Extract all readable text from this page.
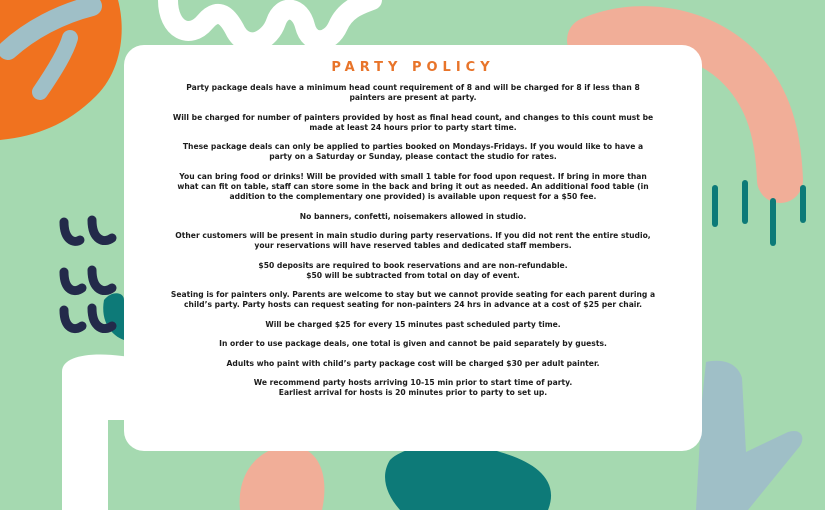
PARTY POLICY
Party package deals have a minimum head count requirement of 8 and will be charged for 8 if less than 8
painters are present at party.
Will be charged for number of painters provided by host as final head count, and changes to this count must be
made at least 24 hours prior to party start time.
These package deals can only be applied to parties booked on Mondays-Fridays. If you would like to have a
party on a Saturday or Sunday, please contact the studio for rates.
You can bring food or drinks! Will be provided with small 1 table for food upon request. If bring in more than
what can fit on table, staff can store some in the back and bring it out as needed. An additional food table (in
addition to the complementary one provided) is available upon request for a $50 fee.
No banners, confetti, noisemakers allowed in studio.
Other customers will be present in main studio during party reservations. If you did not rent the entire studio,
your reservations will have reserved tables and dedicated staff members.
$50 deposits are required to book reservations and are non-refundable.
$50 will be subtracted from total on day of event.
Seating is for painters only. Parents are welcome to stay but we cannot provide seating for each parent during a
child’s party. Party hosts can request seating for non-painters 24 hrs in advance at a cost of $25 per chair.
Will be charged $25 for every 15 minutes past scheduled party time.
In order to use package deals, one total is given and cannot be paid separately by guests.
Adults who paint with child’s party package cost will be charged $30 per adult painter.
We recommend party hosts arriving 10-15 min prior to start time of party.
Earliest arrival for hosts is 20 minutes prior to party to set up.
